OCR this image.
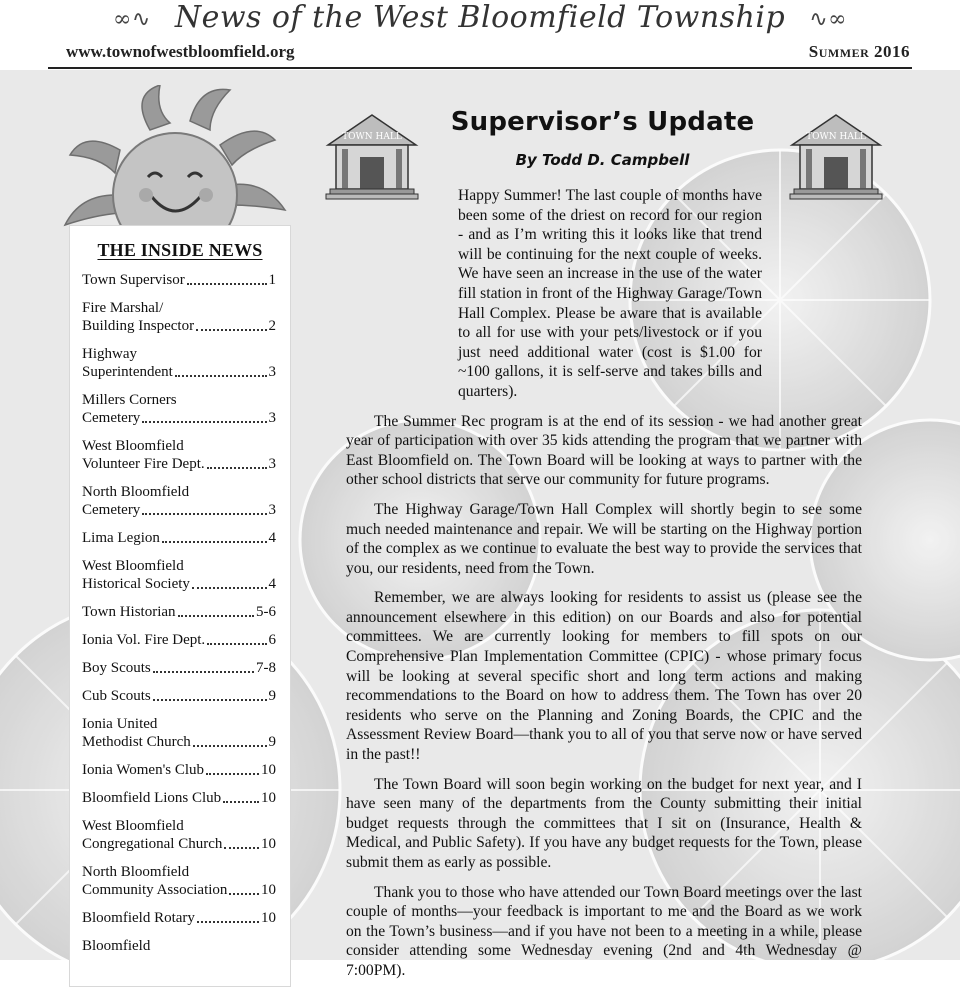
∞∿ News of the West Bloomfield Township ∿∞
www.townofwestbloomfield.org	Summer 2016
THE INSIDE NEWS
Town Supervisor	1
Fire Marshal/
Building Inspector	2
Highway
Superintendent	3
Millers Corners
Cemetery	3
West Bloomfield
Volunteer Fire Dept.	3
North Bloomfield
Cemetery	3
Lima Legion	4
West Bloomfield
Historical Society	4
Town Historian	5-6
Ionia Vol. Fire Dept.	6
Boy Scouts	7-8
Cub Scouts	9
Ionia United
Methodist Church	9
Ionia Women's Club	10
Bloomfield Lions Club	10
West Bloomfield
Congregational Church	10
North Bloomfield
Community Association 10
Bloomfield Rotary	10
Bloomfield
TOWN HALL	TOWN HALL
Supervisor’s Update
By Todd D. Campbell

Happy Summer! The last couple of months have been some of the driest on record for our region - and as I’m writing this it looks like that trend will be continuing for the next couple of weeks. We have seen an increase in the use of the water fill station in front of the Highway Garage/Town Hall Complex. Please be aware that is available to all for use with your pets/livestock or if you just need additional water (cost is $1.00 for ~100 gallons, it is self-serve and takes bills and quarters).

The Summer Rec program is at the end of its session - we had another great year of participation with over 35 kids attending the program that we partner with East Bloomfield on. The Town Board will be looking at ways to partner with the other school districts that serve our community for future programs.

The Highway Garage/Town Hall Complex will shortly begin to see some much needed maintenance and repair. We will be starting on the Highway portion of the complex as we continue to evaluate the best way to provide the services that you, our residents, need from the Town.

Remember, we are always looking for residents to assist us (please see the announcement elsewhere in this edition) on our Boards and also for potential committees. We are currently looking for members to fill spots on our Comprehensive Plan Implementation Committee (CPIC) - whose primary focus will be looking at several specific short and long term actions and making recommendations to the Board on how to address them. The Town has over 20 residents who serve on the Planning and Zoning Boards, the CPIC and the Assessment Review Board—thank you to all of you that serve now or have served in the past!!

The Town Board will soon begin working on the budget for next year, and I have seen many of the departments from the County submitting their initial budget requests through the committees that I sit on (Insurance, Health & Medical, and Public Safety). If you have any budget requests for the Town, please submit them as early as possible.

Thank you to those who have attended our Town Board meetings over the last couple of months—your feedback is important to me and the Board as we work on the Town’s business—and if you have not been to a meeting in a while, please consider attending some Wednesday evening (2nd and 4th Wednesday @ 7:00PM).
